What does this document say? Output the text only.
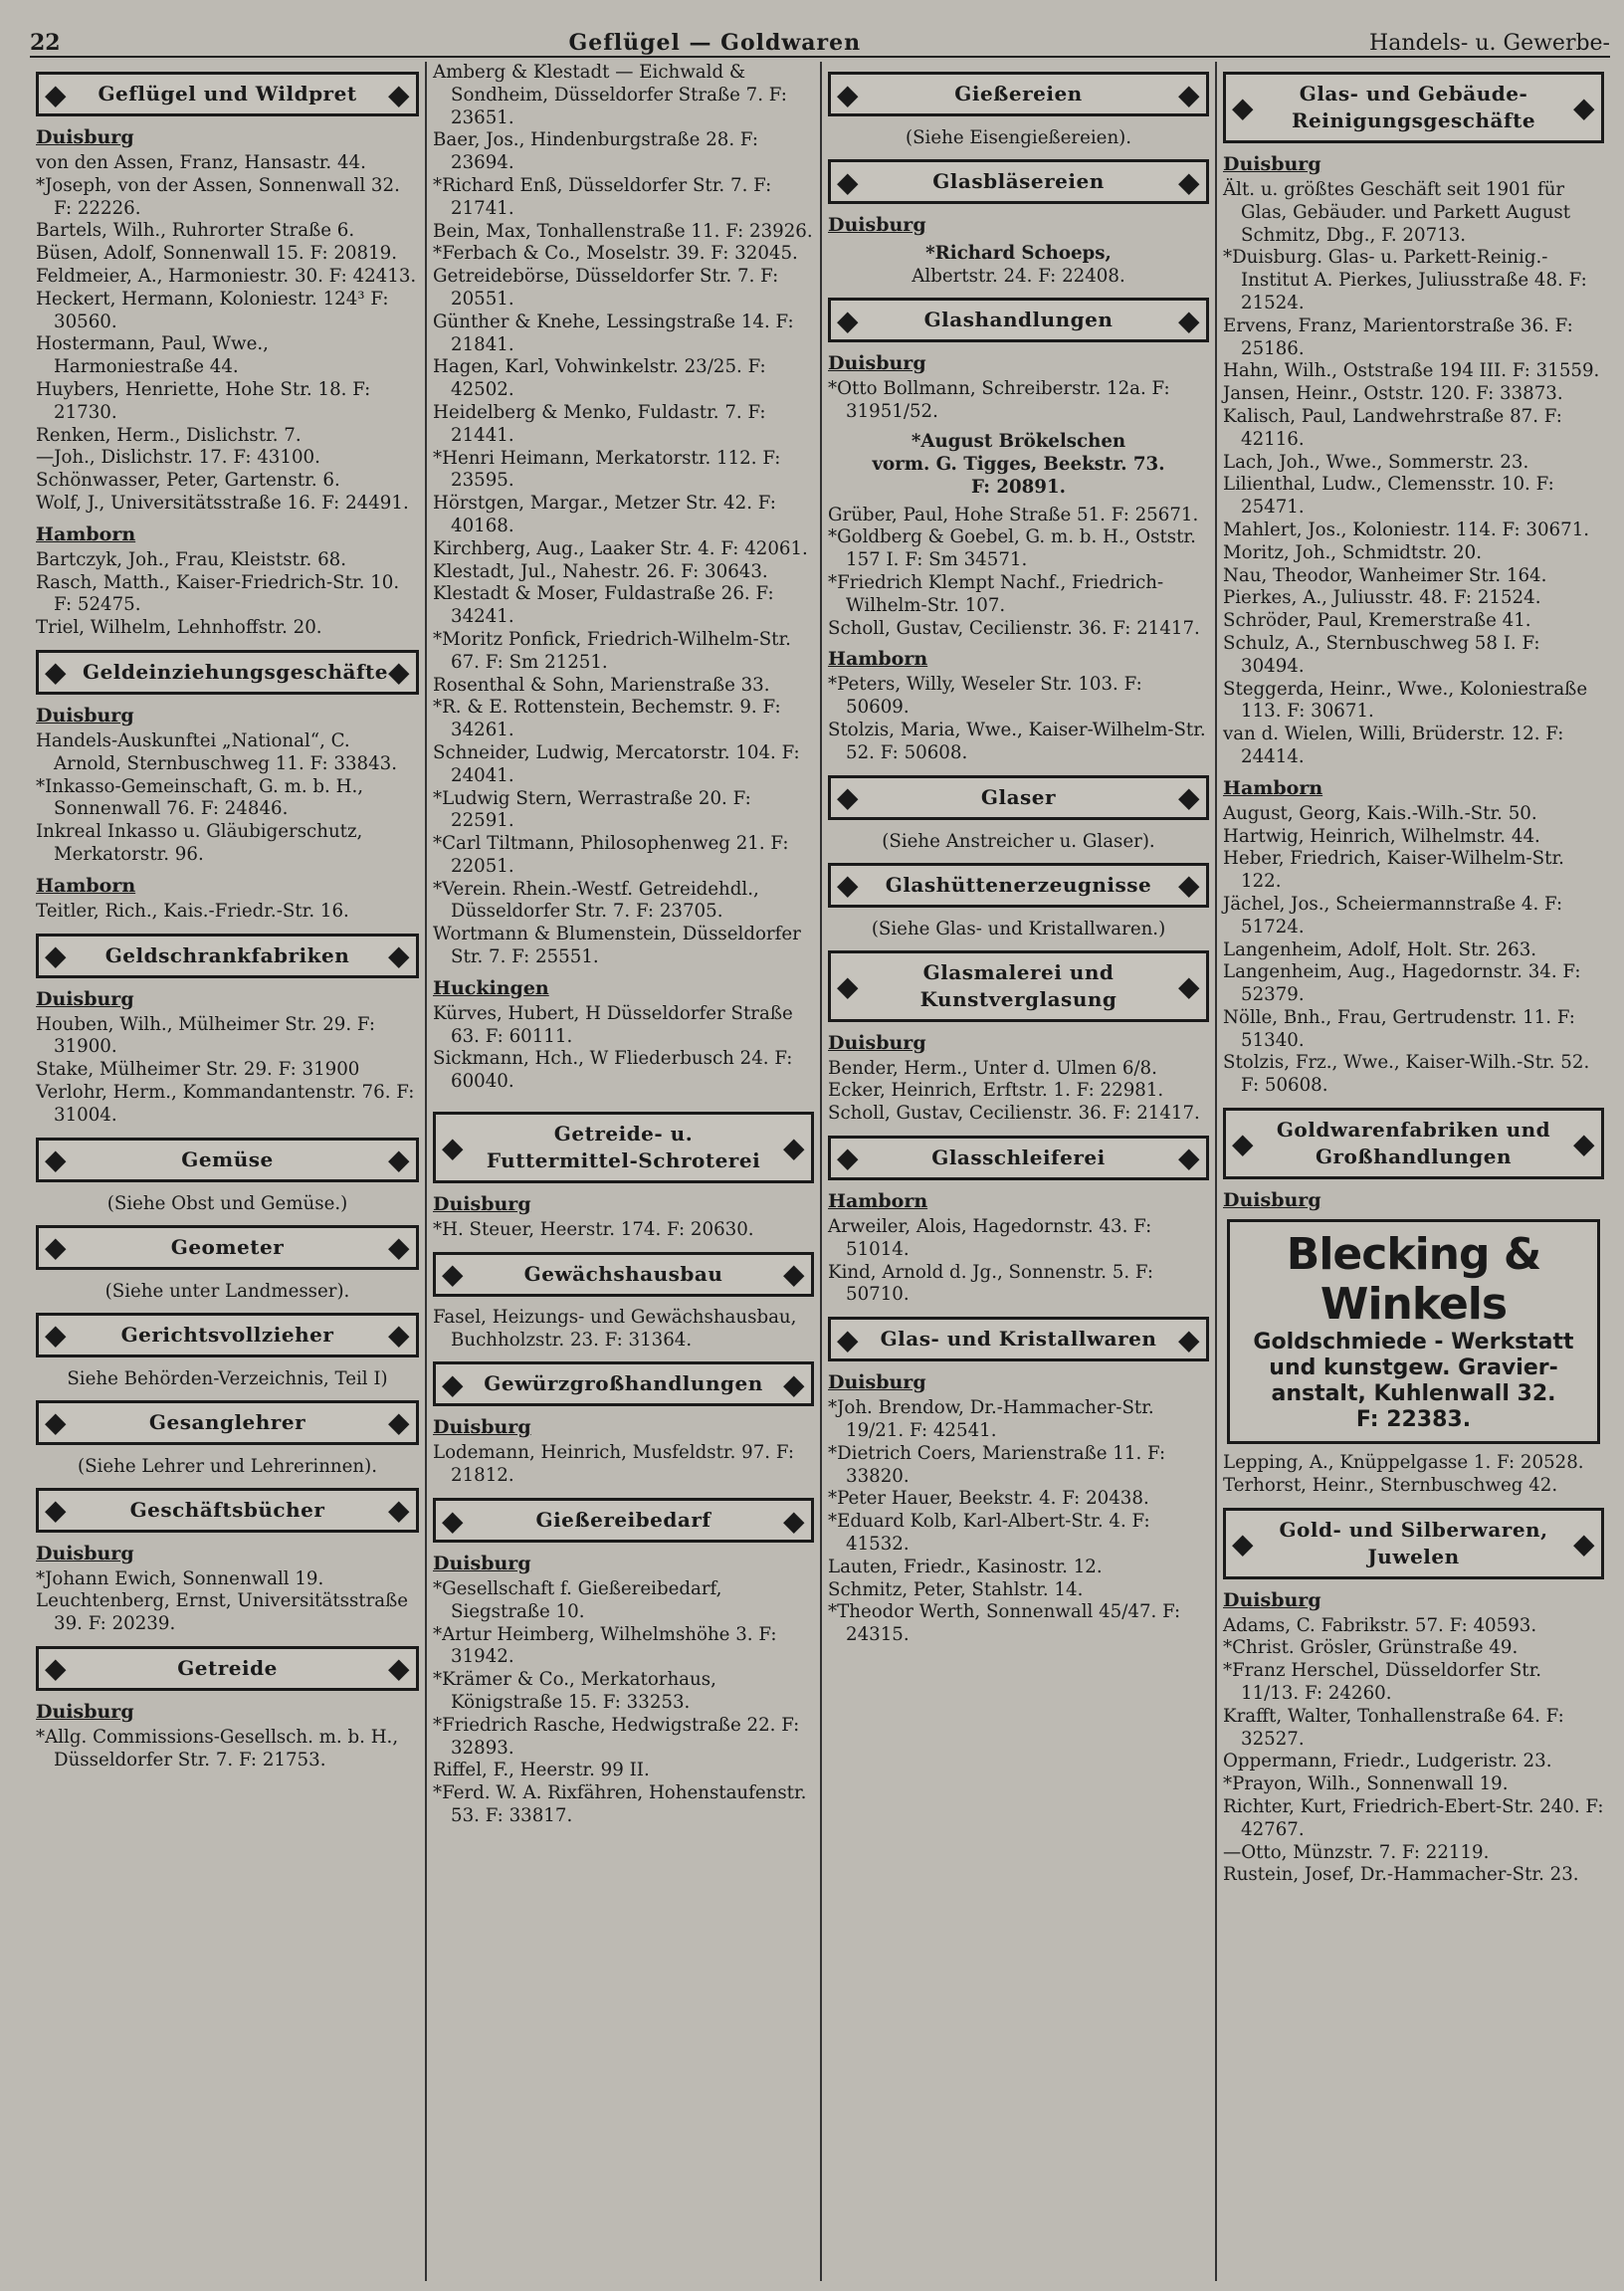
22	Geflügel — Goldwaren	Handels- u. Gewerbe-
◆ Geflügel und Wildpret ◆
Duisburg

von den Assen, Franz, Hansastr. 44.

*Joseph, von der Assen, Sonnenwall 32. F: 22226.

Bartels, Wilh., Ruhrorter Straße 6.

Büsen, Adolf, Sonnenwall 15. F: 20819.

Feldmeier, A., Harmoniestr. 30. F: 42413.

Heckert, Hermann, Koloniestr. 124³ F: 30560.

Hostermann, Paul, Wwe., Harmoniestraße 44.

Huybers, Henriette, Hohe Str. 18. F: 21730.

Renken, Herm., Dislichstr. 7.

—Joh., Dislichstr. 17. F: 43100.

Schönwasser, Peter, Gartenstr. 6.

Wolf, J., Universitätsstraße 16. F: 24491.

Hamborn

Bartczyk, Joh., Frau, Kleiststr. 68.

Rasch, Matth., Kaiser-Friedrich-Str. 10. F: 52475.

Triel, Wilhelm, Lehnhoffstr. 20.

◆ Geldeinziehungsgeschäfte ◆
Duisburg

Handels-Auskunftei „National“, C. Arnold, Sternbuschweg 11. F: 33843.

*Inkasso-Gemeinschaft, G. m. b. H., Sonnenwall 76. F: 24846.

Inkreal Inkasso u. Gläubigerschutz, Merkatorstr. 96.

Hamborn

Teitler, Rich., Kais.-Friedr.-Str. 16.

◆ Geldschrankfabriken ◆
Duisburg

Houben, Wilh., Mülheimer Str. 29. F: 31900.

Stake, Mülheimer Str. 29. F: 31900

Verlohr, Herm., Kommandantenstr. 76. F: 31004.

◆ Gemüse ◆
(Siehe Obst und Gemüse.)
◆ Geometer ◆
(Siehe unter Landmesser).
◆ Gerichtsvollzieher ◆
Siehe Behörden-Verzeichnis, Teil I)
◆ Gesanglehrer ◆
(Siehe Lehrer und Lehrerinnen).
◆ Geschäftsbücher ◆
Duisburg

*Johann Ewich, Sonnenwall 19.

Leuchtenberg, Ernst, Universitätsstraße 39. F: 20239.

◆ Getreide ◆
Duisburg

*Allg. Commissions-Gesellsch. m. b. H., Düsseldorfer Str. 7. F: 21753.

Amberg & Klestadt — Eichwald & Sondheim, Düsseldorfer Straße 7. F: 23651.

Baer, Jos., Hindenburgstraße 28. F: 23694.

*Richard Enß, Düsseldorfer Str. 7. F: 21741.

Bein, Max, Tonhallenstraße 11. F: 23926.

*Ferbach & Co., Moselstr. 39. F: 32045.

Getreidebörse, Düsseldorfer Str. 7. F: 20551.

Günther & Knehe, Lessingstraße 14. F: 21841.

Hagen, Karl, Vohwinkelstr. 23/25. F: 42502.

Heidelberg & Menko, Fuldastr. 7. F: 21441.

*Henri Heimann, Merkatorstr. 112. F: 23595.

Hörstgen, Margar., Metzer Str. 42. F: 40168.

Kirchberg, Aug., Laaker Str. 4. F: 42061.

Klestadt, Jul., Nahestr. 26. F: 30643.

Klestadt & Moser, Fuldastraße 26. F: 34241.

*Moritz Ponfick, Friedrich-Wilhelm-Str. 67. F: Sm 21251.

Rosenthal & Sohn, Marienstraße 33.

*R. & E. Rottenstein, Bechemstr. 9. F: 34261.

Schneider, Ludwig, Mercatorstr. 104. F: 24041.

*Ludwig Stern, Werrastraße 20. F: 22591.

*Carl Tiltmann, Philosophenweg 21. F: 22051.

*Verein. Rhein.-Westf. Getreidehdl., Düsseldorfer Str. 7. F: 23705.

Wortmann & Blumenstein, Düsseldorfer Str. 7. F: 25551.

Huckingen

Kürves, Hubert, H Düsseldorfer Straße 63. F: 60111.

Sickmann, Hch., W Fliederbusch 24. F: 60040.

◆ Getreide- u. Futtermittel-Schroterei ◆
Duisburg

*H. Steuer, Heerstr. 174. F: 20630.

◆ Gewächshausbau ◆

Fasel, Heizungs- und Gewächshausbau, Buchholzstr. 23. F: 31364.

◆ Gewürzgroßhandlungen ◆
Duisburg

Lodemann, Heinrich, Musfeldstr. 97. F: 21812.

◆ Gießereibedarf ◆
Duisburg

*Gesellschaft f. Gießereibedarf, Siegstraße 10.

*Artur Heimberg, Wilhelmshöhe 3. F: 31942.

*Krämer & Co., Merkatorhaus, Königstraße 15. F: 33253.

*Friedrich Rasche, Hedwigstraße 22. F: 32893.

Riffel, F., Heerstr. 99 II.

*Ferd. W. A. Rixfähren, Hohenstaufenstr. 53. F: 33817.

◆ Gießereien ◆
(Siehe Eisengießereien).
◆ Glasbläsereien ◆
Duisburg
*Richard Schoeps,
Albertstr. 24. F: 22408.
◆ Glashandlungen ◆
Duisburg

*Otto Bollmann, Schreiberstr. 12a. F: 31951/52.

*August Brökelschen
vorm. G. Tigges, Beekstr. 73.
F: 20891.

Grüber, Paul, Hohe Straße 51. F: 25671.

*Goldberg & Goebel, G. m. b. H., Oststr. 157 I. F: Sm 34571.

*Friedrich Klempt Nachf., Friedrich-Wilhelm-Str. 107.

Scholl, Gustav, Cecilienstr. 36. F: 21417.

Hamborn

*Peters, Willy, Weseler Str. 103. F: 50609.

Stolzis, Maria, Wwe., Kaiser-Wilhelm-Str. 52. F: 50608.

◆ Glaser ◆
(Siehe Anstreicher u. Glaser).
◆ Glashüttenerzeugnisse ◆
(Siehe Glas- und Kristallwaren.)
◆ Glasmalerei und Kunstverglasung ◆
Duisburg

Bender, Herm., Unter d. Ulmen 6/8.

Ecker, Heinrich, Erftstr. 1. F: 22981.

Scholl, Gustav, Cecilienstr. 36. F: 21417.

◆ Glasschleiferei ◆
Hamborn

Arweiler, Alois, Hagedornstr. 43. F: 51014.

Kind, Arnold d. Jg., Sonnenstr. 5. F: 50710.

◆ Glas- und Kristallwaren ◆
Duisburg

*Joh. Brendow, Dr.-Hammacher-Str. 19/21. F: 42541.

*Dietrich Coers, Marienstraße 11. F: 33820.

*Peter Hauer, Beekstr. 4. F: 20438.

*Eduard Kolb, Karl-Albert-Str. 4. F: 41532.

Lauten, Friedr., Kasinostr. 12.

Schmitz, Peter, Stahlstr. 14.

*Theodor Werth, Sonnenwall 45/47. F: 24315.

◆ Glas- und Gebäude-Reinigungsgeschäfte ◆
Duisburg

Ält. u. größtes Geschäft seit 1901 für Glas, Gebäuder. und Parkett August Schmitz, Dbg., F. 20713.

*Duisburg. Glas- u. Parkett-Reinig.-Institut A. Pierkes, Juliusstraße 48. F: 21524.

Ervens, Franz, Marientorstraße 36. F: 25186.

Hahn, Wilh., Oststraße 194 III. F: 31559.

Jansen, Heinr., Oststr. 120. F: 33873.

Kalisch, Paul, Landwehrstraße 87. F: 42116.

Lach, Joh., Wwe., Sommerstr. 23.

Lilienthal, Ludw., Clemensstr. 10. F: 25471.

Mahlert, Jos., Koloniestr. 114. F: 30671.

Moritz, Joh., Schmidtstr. 20.

Nau, Theodor, Wanheimer Str. 164.

Pierkes, A., Juliusstr. 48. F: 21524.

Schröder, Paul, Kremerstraße 41.

Schulz, A., Sternbuschweg 58 I. F: 30494.

Steggerda, Heinr., Wwe., Koloniestraße 113. F: 30671.

van d. Wielen, Willi, Brüderstr. 12. F: 24414.

Hamborn

August, Georg, Kais.-Wilh.-Str. 50.

Hartwig, Heinrich, Wilhelmstr. 44.

Heber, Friedrich, Kaiser-Wilhelm-Str. 122.

Jächel, Jos., Scheiermannstraße 4. F: 51724.

Langenheim, Adolf, Holt. Str. 263.

Langenheim, Aug., Hagedornstr. 34. F: 52379.

Nölle, Bnh., Frau, Gertrudenstr. 11. F: 51340.

Stolzis, Frz., Wwe., Kaiser-Wilh.-Str. 52. F: 50608.

◆ Goldwarenfabriken und Großhandlungen ◆
Duisburg
Blecking & Winkels
Goldschmiede - Werkstatt
und kunstgew. Gravier-
anstalt, Kuhlenwall 32.
F: 22383.

Lepping, A., Knüppelgasse 1. F: 20528.

Terhorst, Heinr., Sternbuschweg 42.

◆ Gold- und Silberwaren, Juwelen ◆
Duisburg

Adams, C. Fabrikstr. 57. F: 40593.

*Christ. Grösler, Grünstraße 49.

*Franz Herschel, Düsseldorfer Str. 11/13. F: 24260.

Krafft, Walter, Tonhallenstraße 64. F: 32527.

Oppermann, Friedr., Ludgeristr. 23.

*Prayon, Wilh., Sonnenwall 19.

Richter, Kurt, Friedrich-Ebert-Str. 240. F: 42767.

—Otto, Münzstr. 7. F: 22119.

Rustein, Josef, Dr.-Hammacher-Str. 23.
